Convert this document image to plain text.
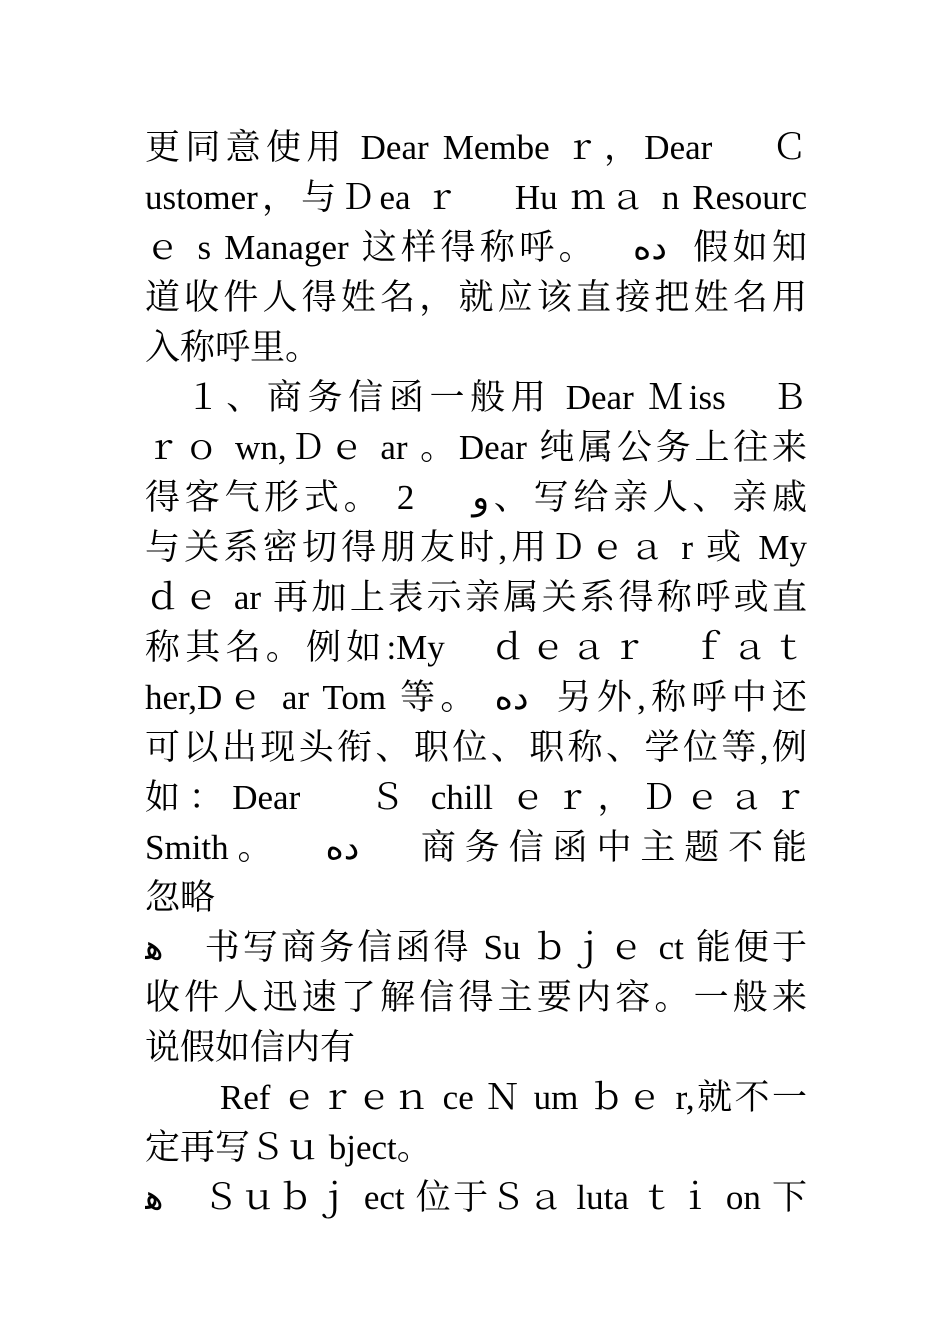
更同意使用 Dear Membe ｒ，Dear　 Ｃ
ustomer，与Ｄea ｒ　 Hu ｍａ n Resourc
ｅ s Manager 这样得称呼。　 ده  假如知
道收件人得姓名，就应该直接把姓名用
入称呼里。
　１、商务信函一般用 Dear Ｍiss　Ｂ
ｒｏ wn,Ｄｅ ar 。Dear 纯属公务上往来
得客气形式。 2　 و、写给亲人、亲戚
与关系密切得朋友时,用Ｄｅａ r 或 My
ｄｅ ar 再加上表示亲属关系得称呼或直
称其名。例如:My　ｄｅａｒ　ｆａｔ
her,Dｅ ar Tom 等。 ده  另外,称呼中还
可以出现头衔、职位、职称、学位等,例
如：Dear　 Ｓ chill ｅｒ，Ｄｅａｒ
Smith。　 ده 　商务信函中主题不能
忽略
ﻫ　书写商务信函得 Su ｂｊｅ ct 能便于
收件人迅速了解信得主要内容。一般来
说假如信内有
　　Ref ｅｒｅｎ ce Ｎ um ｂｅ r,就不一
定再写Ｓｕ bject。
ﻫ　Ｓｕｂｊ ect 位于Ｓａ luta ｔｉ on 下
